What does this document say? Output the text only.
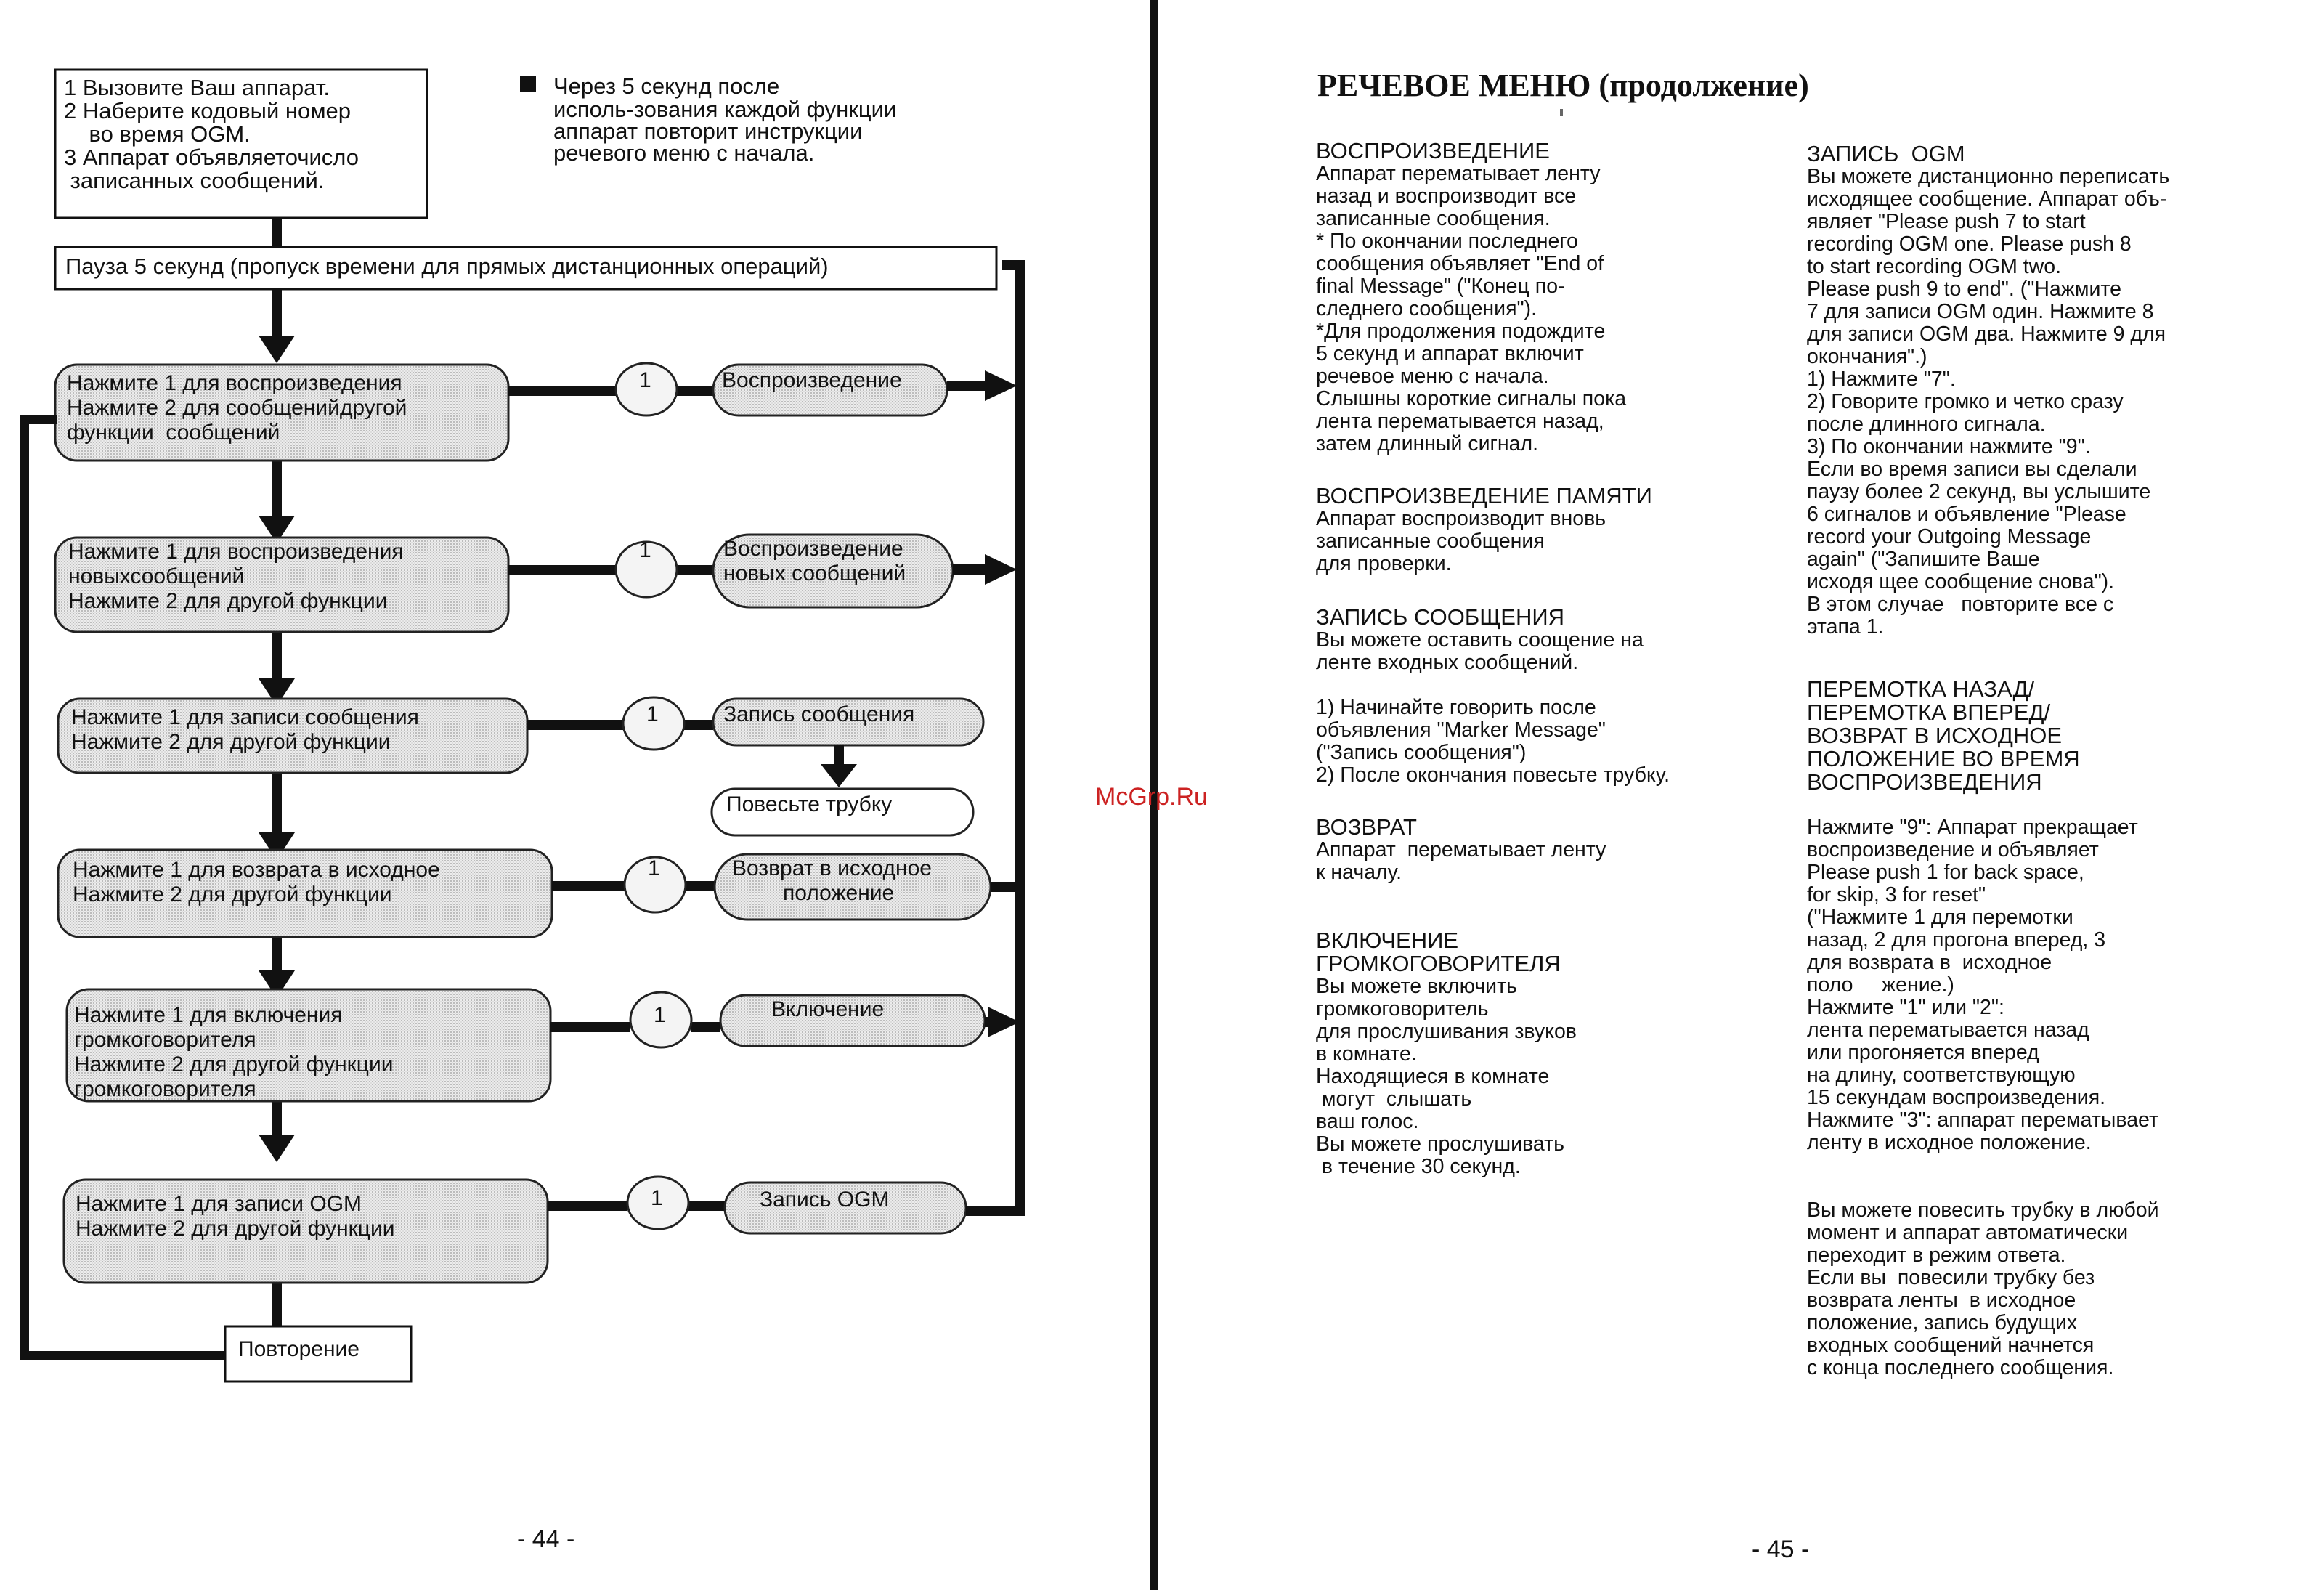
1 Вызовите Ваш аппарат.
2 Наберите кодовый номер
во время OGM.
3 Аппарат объявляеточисло
записанных сообщений.
Через 5 секунд после
исполь-зования каждой функции
аппарат повторит инструкции
речевого меню с начала.
Пауза 5 секунд (пропуск времени для прямых дистанционных операций)
Нажмите 1 для воспроизведения
Нажмите 2 для сообщенийдругой
функции  сообщений
1	Воспроизведение
Нажмите 1 для воспроизведения
новыхсообщений
Нажмите 2 для другой функции
1	Воспроизведение
новых сообщений
Нажмите 1 для записи сообщения
Нажмите 2 для другой функции
1	Запись сообщения
Повесьте трубку
Нажмите 1 для возврата в исходное
Нажмите 2 для другой функции
1	Возврат в исходное
положение
Нажмите 1 для включения
громкоговорителя
Нажмите 2 для другой функции
громкоговорителя
1	Включение
Нажмите 1 для записи OGM
Нажмите 2 для другой функции
1	Запись OGM
Повторение
- 44 -
McGrp.Ru
РЕЧЕВОЕ МЕНЮ (продолжение)
ВОСПРОИЗВЕДЕНИЕ
Аппарат перематывает ленту
назад и воспроизводит все
записанные сообщения.
* По окончании последнего
сообщения объявляет "End of
final Message" ("Конец по-
следнего сообщения").
*Для продолжения подождите
5 секунд и аппарат включит
речевое меню с начала.
Слышны короткие сигналы пока
лента перематывается назад,
затем длинный сигнал.
ВОСПРОИЗВЕДЕНИЕ ПАМЯТИ
Аппарат воспроизводит вновь
записанные сообщения
для проверки.
ЗАПИСЬ СООБЩЕНИЯ
Вы можете оставить соощение на
ленте входных сообщений.
1) Начинайте говорить после
объявления "Marker Message"
("Запись сообщения")
2) После окончания повесьте трубку.
ВОЗВРАТ
Аппарат  перематывает ленту
к началу.
ВКЛЮЧЕНИЕ
ГРОМКОГОВОРИТЕЛЯ
Вы можете включить
громкоговоритель
для прослушивания звуков
в комнате.
Находящиеся в комнате
могут  слышать
ваш голос.
Вы можете прослушивать
в течение 30 секунд.
ЗАПИСЬ  OGM
Вы можете дистанционно переписать
исходящее сообщение. Аппарат объ-
являет "Please push 7 to start
recording OGM one. Please push 8
to start recording OGM two.
Please push 9 to end". ("Нажмите
7 для записи OGM один. Нажмите 8
для записи OGM два. Нажмите 9 для
окончания".)
1) Нажмите "7".
2) Говорите громко и четко сразу
после длинного сигнала.
3) По окончании нажмите "9".
Если во время записи вы сделали
паузу более 2 секунд, вы услышите
6 сигналов и объявление "Please
record your Outgoing Message
again" ("Запишите Ваше
исходя щее сообщение снова").
В этом случае   повторите все с
этапа 1.
ПЕРЕМОТКА НАЗАД/
ПЕРЕМОТКА ВПЕРЕД/
ВОЗВРАТ В ИСХОДНОЕ
ПОЛОЖЕНИЕ ВО ВРЕМЯ
ВОСПРОИЗВЕДЕНИЯ
Нажмите "9": Аппарат прекращает
воспроизведение и объявляет
Please push 1 for back space,
for skip, 3 for reset"
("Нажмите 1 для перемотки
назад, 2 для прогона вперед, 3
для возврата в  исходное
поло     жение.)
Нажмите "1" или "2":
лента перематывается назад
или прогоняется вперед
на длину, соответствующую
15 секундам воспроизведения.
Нажмите "3": аппарат перематывает
ленту в исходное положение.
Вы можете повесить трубку в любой
момент и аппарат автоматически
переходит в режим ответа.
Если вы  повесили трубку без
возврата ленты  в исходное
положение, запись будущих
входных сообщений начнется
с конца последнего сообщения.
- 45 -
